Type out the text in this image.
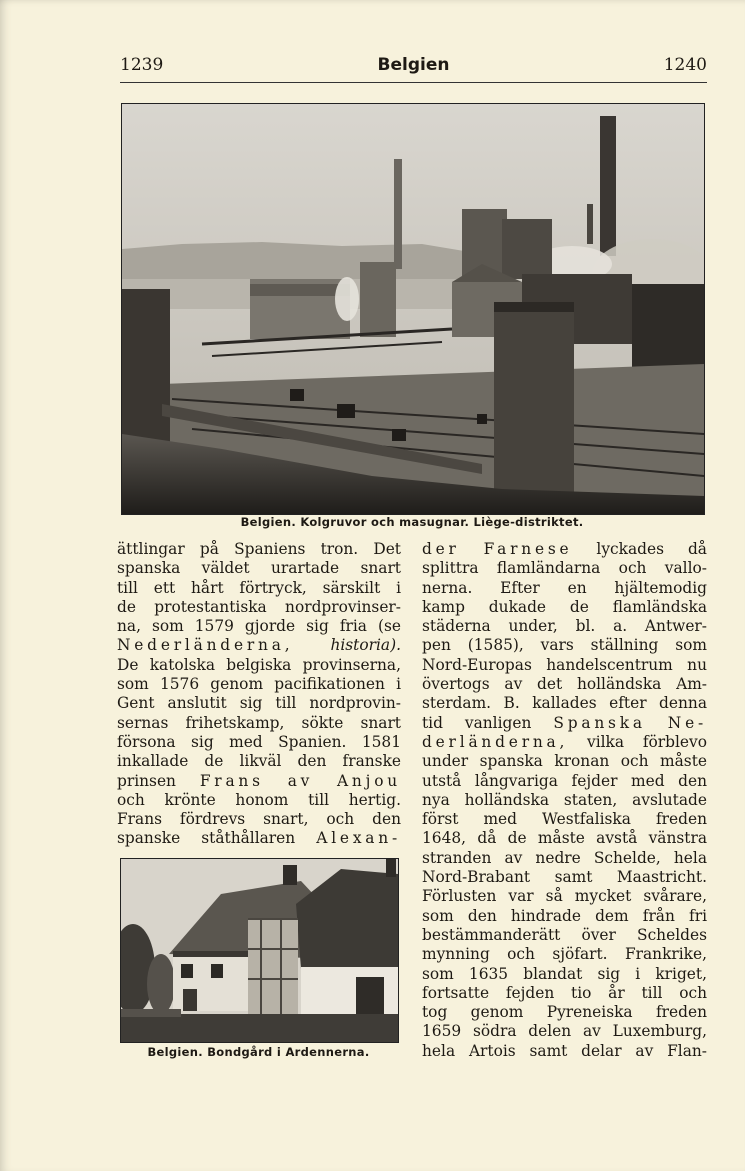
1239	Belgien	1240
Belgien. Kolgruvor och masugnar. Liège-distriktet.
ättlingar på Spaniens tron. Det
spanska väldet urartade snart
till ett hårt förtryck, särskilt i
de protestantiska nordprovinser-
na, som 1579 gjorde sig fria (se
Nederländerna, historia).
De katolska belgiska provinserna,
som 1576 genom pacifikationen i
Gent anslutit sig till nordprovin-
sernas frihetskamp, sökte snart
försona sig med Spanien. 1581
inkallade de likväl den franske
prinsen Frans av Anjou
och krönte honom till hertig.
Frans fördrevs snart, och den
spanske ståthållaren Alexan-
Belgien. Bondgård i Ardennerna.
der Farnese lyckades då
splittra flamländarna och vallo-
nerna. Efter en hjältemodig
kamp dukade de flamländska
städerna under, bl. a. Antwer-
pen (1585), vars ställning som
Nord-Europas handelscentrum nu
övertogs av det holländska Am-
sterdam. B. kallades efter denna
tid vanligen Spanska Ne-
derländerna, vilka förblevo
under spanska kronan och måste
utstå långvariga fejder med den
nya holländska staten, avslutade
först med Westfaliska freden
1648, då de måste avstå vänstra
stranden av nedre Schelde, hela
Nord-Brabant samt Maastricht.
Förlusten var så mycket svårare,
som den hindrade dem från fri
bestämmanderätt över Scheldes
mynning och sjöfart. Frankrike,
som 1635 blandat sig i kriget,
fortsatte fejden tio år till och
tog genom Pyreneiska freden
1659 södra delen av Luxemburg,
hela Artois samt delar av Flan-
